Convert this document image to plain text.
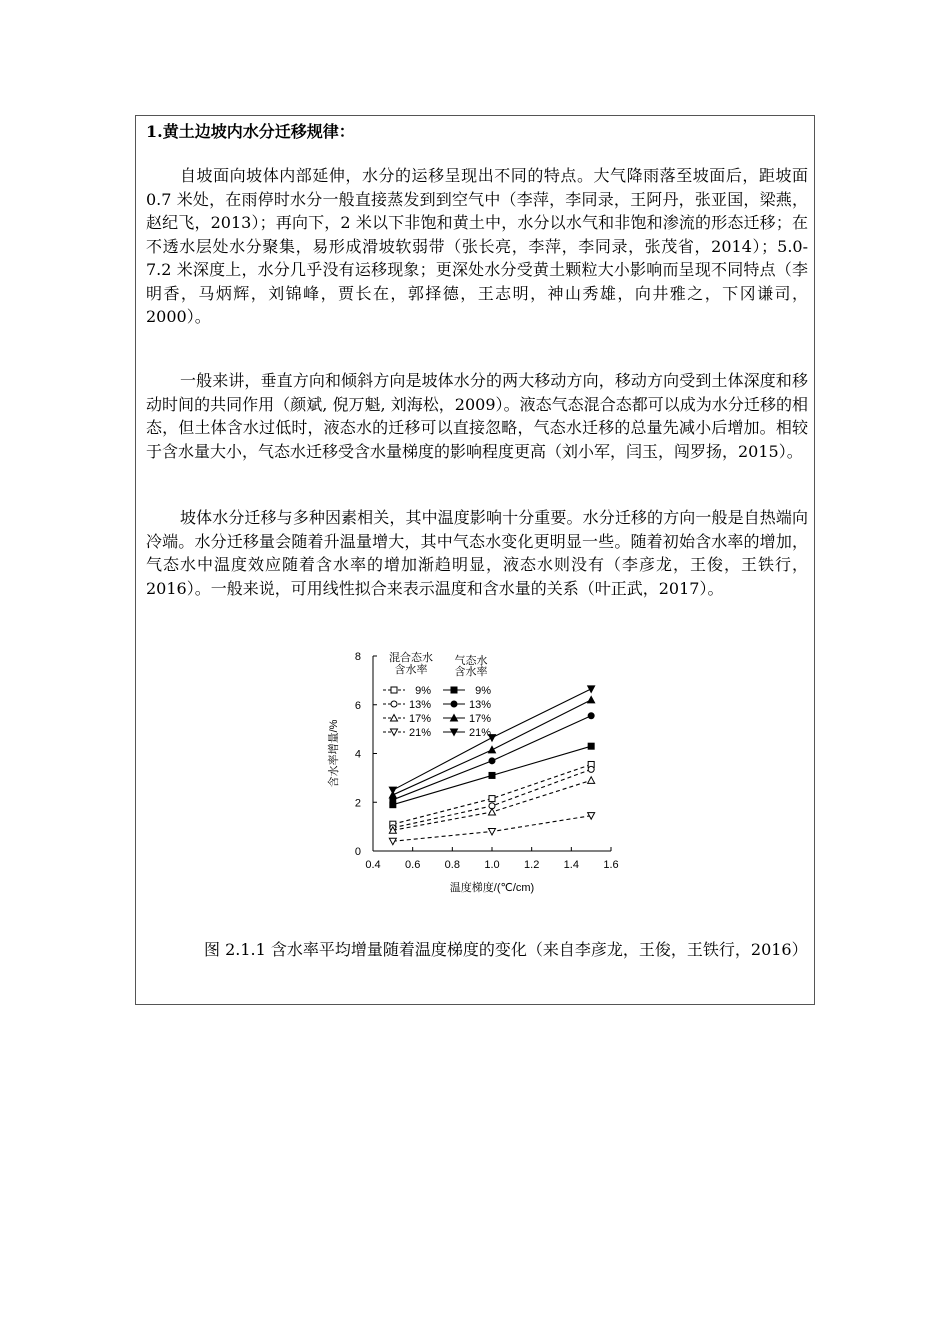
1.黄土边坡内水分迁移规律：

自坡面向坡体内部延伸，水分的运移呈现出不同的特点。大气降雨落至坡面后，距坡面 0.7 米处，在雨停时水分一般直接蒸发到到空气中（李萍，李同录，王阿丹，张亚国，梁燕，赵纪飞，2013）；再向下，2 米以下非饱和黄土中，水分以水气和非饱和渗流的形态迁移；在不透水层处水分聚集，易形成滑坡软弱带（张长亮，李萍，李同录，张茂省，2014）；5.0-7.2 米深度上，水分几乎没有运移现象；更深处水分受黄土颗粒大小影响而呈现不同特点（李明香，马炳辉，刘锦峰，贾长在，郭择德，王志明，神山秀雄，向井雅之，下冈谦司，2000）。

一般来讲，垂直方向和倾斜方向是坡体水分的两大移动方向，移动方向受到土体深度和移动时间的共同作用（颜斌, 倪万魁, 刘海松，2009）。液态气态混合态都可以成为水分迁移的相态，但土体含水过低时，液态水的迁移可以直接忽略，气态水迁移的总量先减小后增加。相较于含水量大小，气态水迁移受含水量梯度的影响程度更高（刘小军，闫玉，闯罗扬，2015）。

坡体水分迁移与多种因素相关，其中温度影响十分重要。水分迁移的方向一般是自热端向冷端。水分迁移量会随着升温量增大，其中气态水变化更明显一些。随着初始含水率的增加，气态水中温度效应随着含水率的增加渐趋明显，液态水则没有（李彦龙，王俊，王铁行，2016）。一般来说，可用线性拟合来表示温度和含水量的关系（叶正武，2017）。

0.4 0.6 0.8 1.0 1.2 1.4 1.6
0
2
4
6
8
温度梯度/(℃/cm)
含水率增量/%
混合态水
含水率
气态水
含水率
9%
13%
17%
21%
9%
13%
17%
21%
图 2.1.1 含水率平均增量随着温度梯度的变化（来自李彦龙，王俊，王铁行，2016）
